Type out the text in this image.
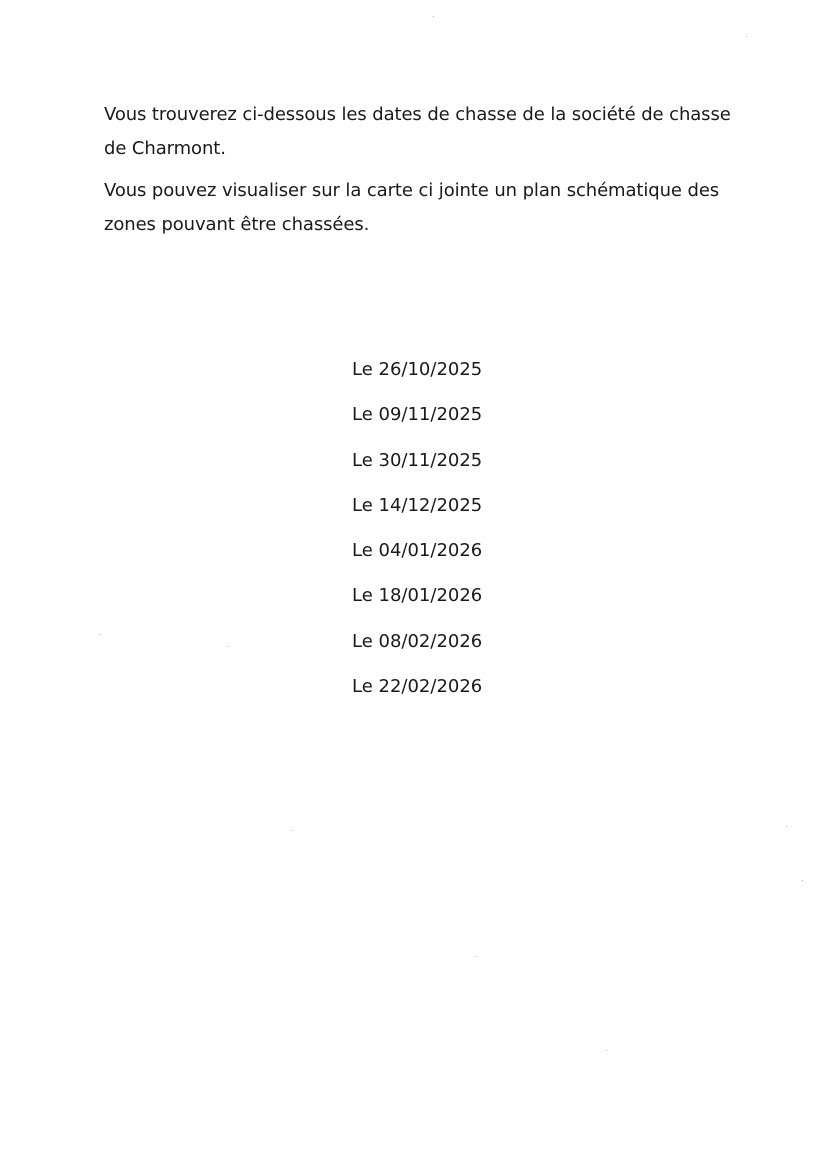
Vous trouverez ci-dessous les dates de chasse de la société de chasse de Charmont.

Vous pouvez visualiser sur la carte ci jointe un plan schématique des zones pouvant être chassées.

Le 26/10/2025
Le 09/11/2025
Le 30/11/2025
Le 14/12/2025
Le 04/01/2026
Le 18/01/2026
Le 08/02/2026
Le 22/02/2026
